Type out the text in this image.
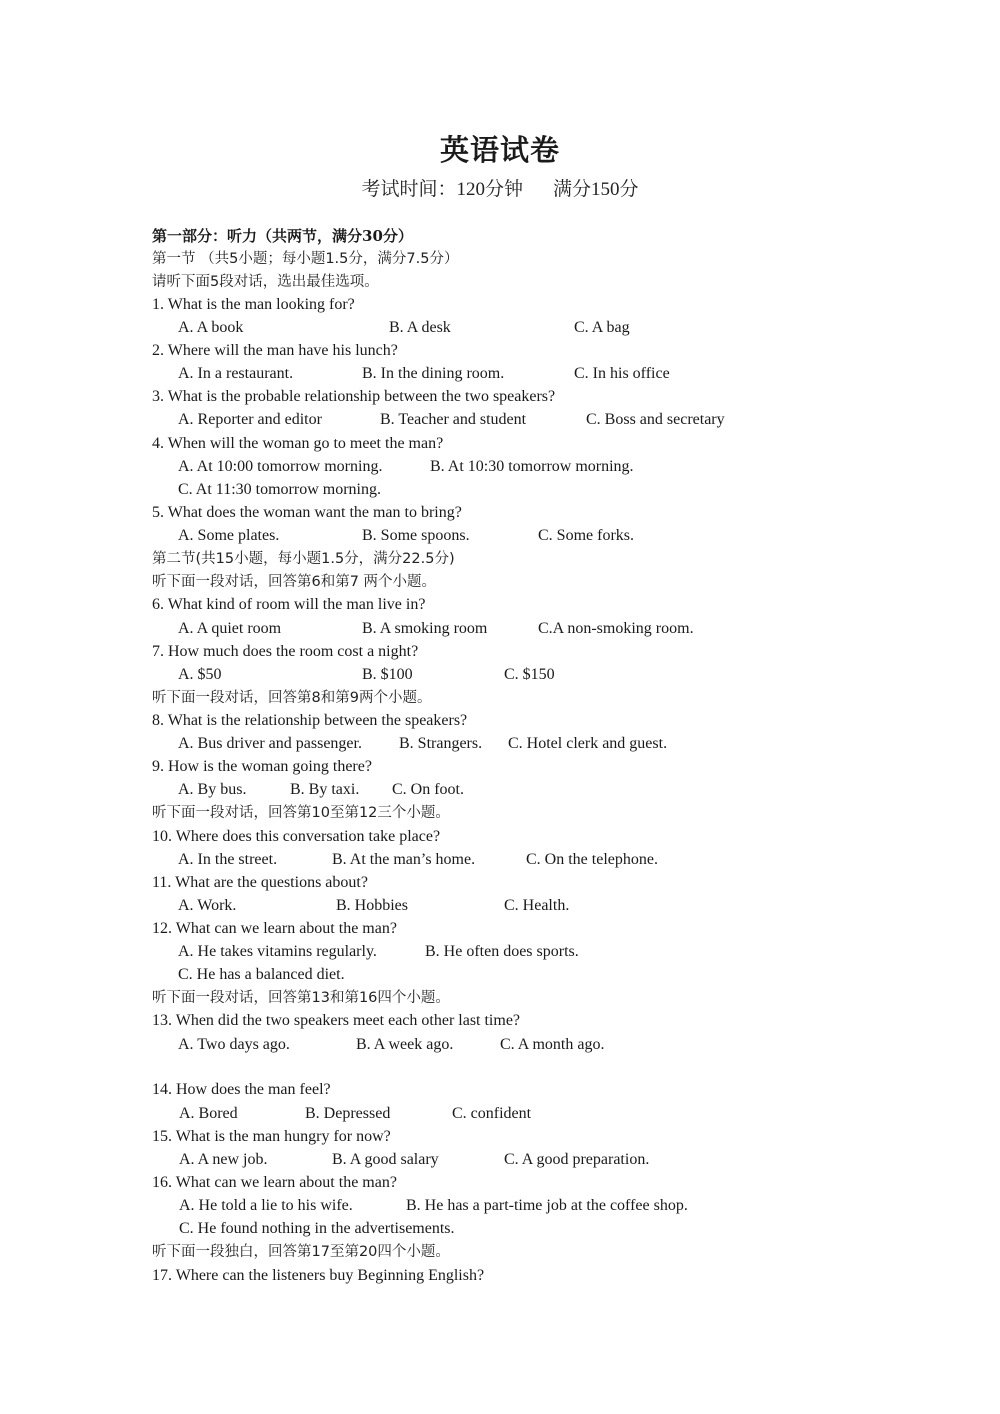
英语试卷
考试时间：120分钟 满分150分
第一部分：听力（共两节，满分30分）
第一节 （共5小题；每小题1.5分，满分7.5分）
请听下面5段对话，选出最佳选项。
1. What is the man looking for?
A. A book	B. A desk	C. A bag
2. Where will the man have his lunch?
A. In a restaurant.	B. In the dining room.	C. In his office
3. What is the probable relationship between the two speakers?
A. Reporter and editor	B. Teacher and student	C. Boss and secretary
4. When will the woman go to meet the man?
A. At 10:00 tomorrow morning.	B. At 10:30 tomorrow morning.
C. At 11:30 tomorrow morning.
5. What does the woman want the man to bring?
A. Some plates.	B. Some spoons.	C. Some forks.
第二节(共15小题，每小题1.5分，满分22.5分)
听下面一段对话，回答第6和第7 两个小题。
6. What kind of room will the man live in?
A. A quiet room	B. A smoking room	C.A non-smoking room.
7. How much does the room cost a night?
A. $50	B. $100	C. $150
听下面一段对话，回答第8和第9两个小题。
8. What is the relationship between the speakers?
A. Bus driver and passenger. B. Strangers. C. Hotel clerk and guest.
9. How is the woman going there?
A. By bus.	B. By taxi. C. On foot.
听下面一段对话，回答第10至第12三个小题。
10. Where does this conversation take place?
A. In the street.	B. At the man’s home.	C. On the telephone.
11. What are the questions about?
A. Work.	B. Hobbies	C. Health.
12. What can we learn about the man?
A. He takes vitamins regularly.	B. He often does sports.
C. He has a balanced diet.
听下面一段对话，回答第13和第16四个小题。
13. When did the two speakers meet each other last time?
A. Two days ago.	B. A week ago.	C. A month ago.
14. How does the man feel?
A. Bored	B. Depressed	C. confident
15. What is the man hungry for now?
A. A new job.	B. A good salary	C. A good preparation.
16. What can we learn about the man?
A. He told a lie to his wife.	B. He has a part-time job at the coffee shop.
C. He found nothing in the advertisements.
听下面一段独白，回答第17至第20四个小题。
17. Where can the listeners buy Beginning English?
